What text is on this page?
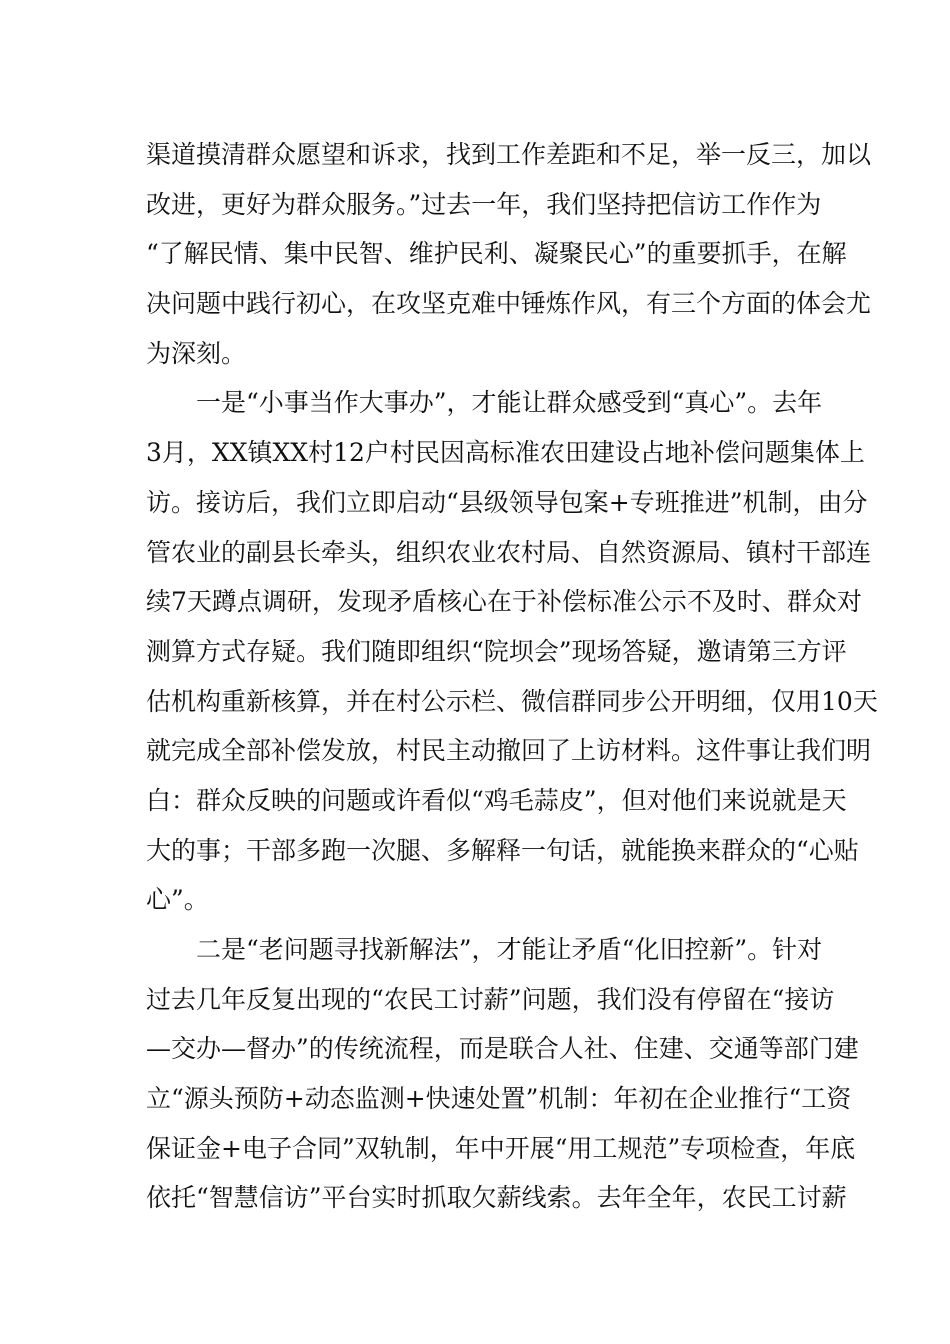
渠道摸清群众愿望和诉求，找到工作差距和不足，举一反三，加以
改进，更好为群众服务。”过去一年，我们坚持把信访工作作为
“了解民情、集中民智、维护民利、凝聚民心”的重要抓手，在解
决问题中践行初心，在攻坚克难中锤炼作风，有三个方面的体会尤
为深刻。
一是“小事当作大事办”，才能让群众感受到“真心”。去年
3月，XX镇XX村12户村民因高标准农田建设占地补偿问题集体上
访。接访后，我们立即启动“县级领导包案+专班推进”机制，由分
管农业的副县长牵头，组织农业农村局、自然资源局、镇村干部连
续7天蹲点调研，发现矛盾核心在于补偿标准公示不及时、群众对
测算方式存疑。我们随即组织“院坝会”现场答疑，邀请第三方评
估机构重新核算，并在村公示栏、微信群同步公开明细，仅用10天
就完成全部补偿发放，村民主动撤回了上访材料。这件事让我们明
白：群众反映的问题或许看似“鸡毛蒜皮”，但对他们来说就是天
大的事；干部多跑一次腿、多解释一句话，就能换来群众的“心贴
心”。
二是“老问题寻找新解法”，才能让矛盾“化旧控新”。针对
过去几年反复出现的“农民工讨薪”问题，我们没有停留在“接访
—交办—督办”的传统流程，而是联合人社、住建、交通等部门建
立“源头预防+动态监测+快速处置”机制：年初在企业推行“工资
保证金+电子合同”双轨制，年中开展“用工规范”专项检查，年底
依托“智慧信访”平台实时抓取欠薪线索。去年全年，农民工讨薪
